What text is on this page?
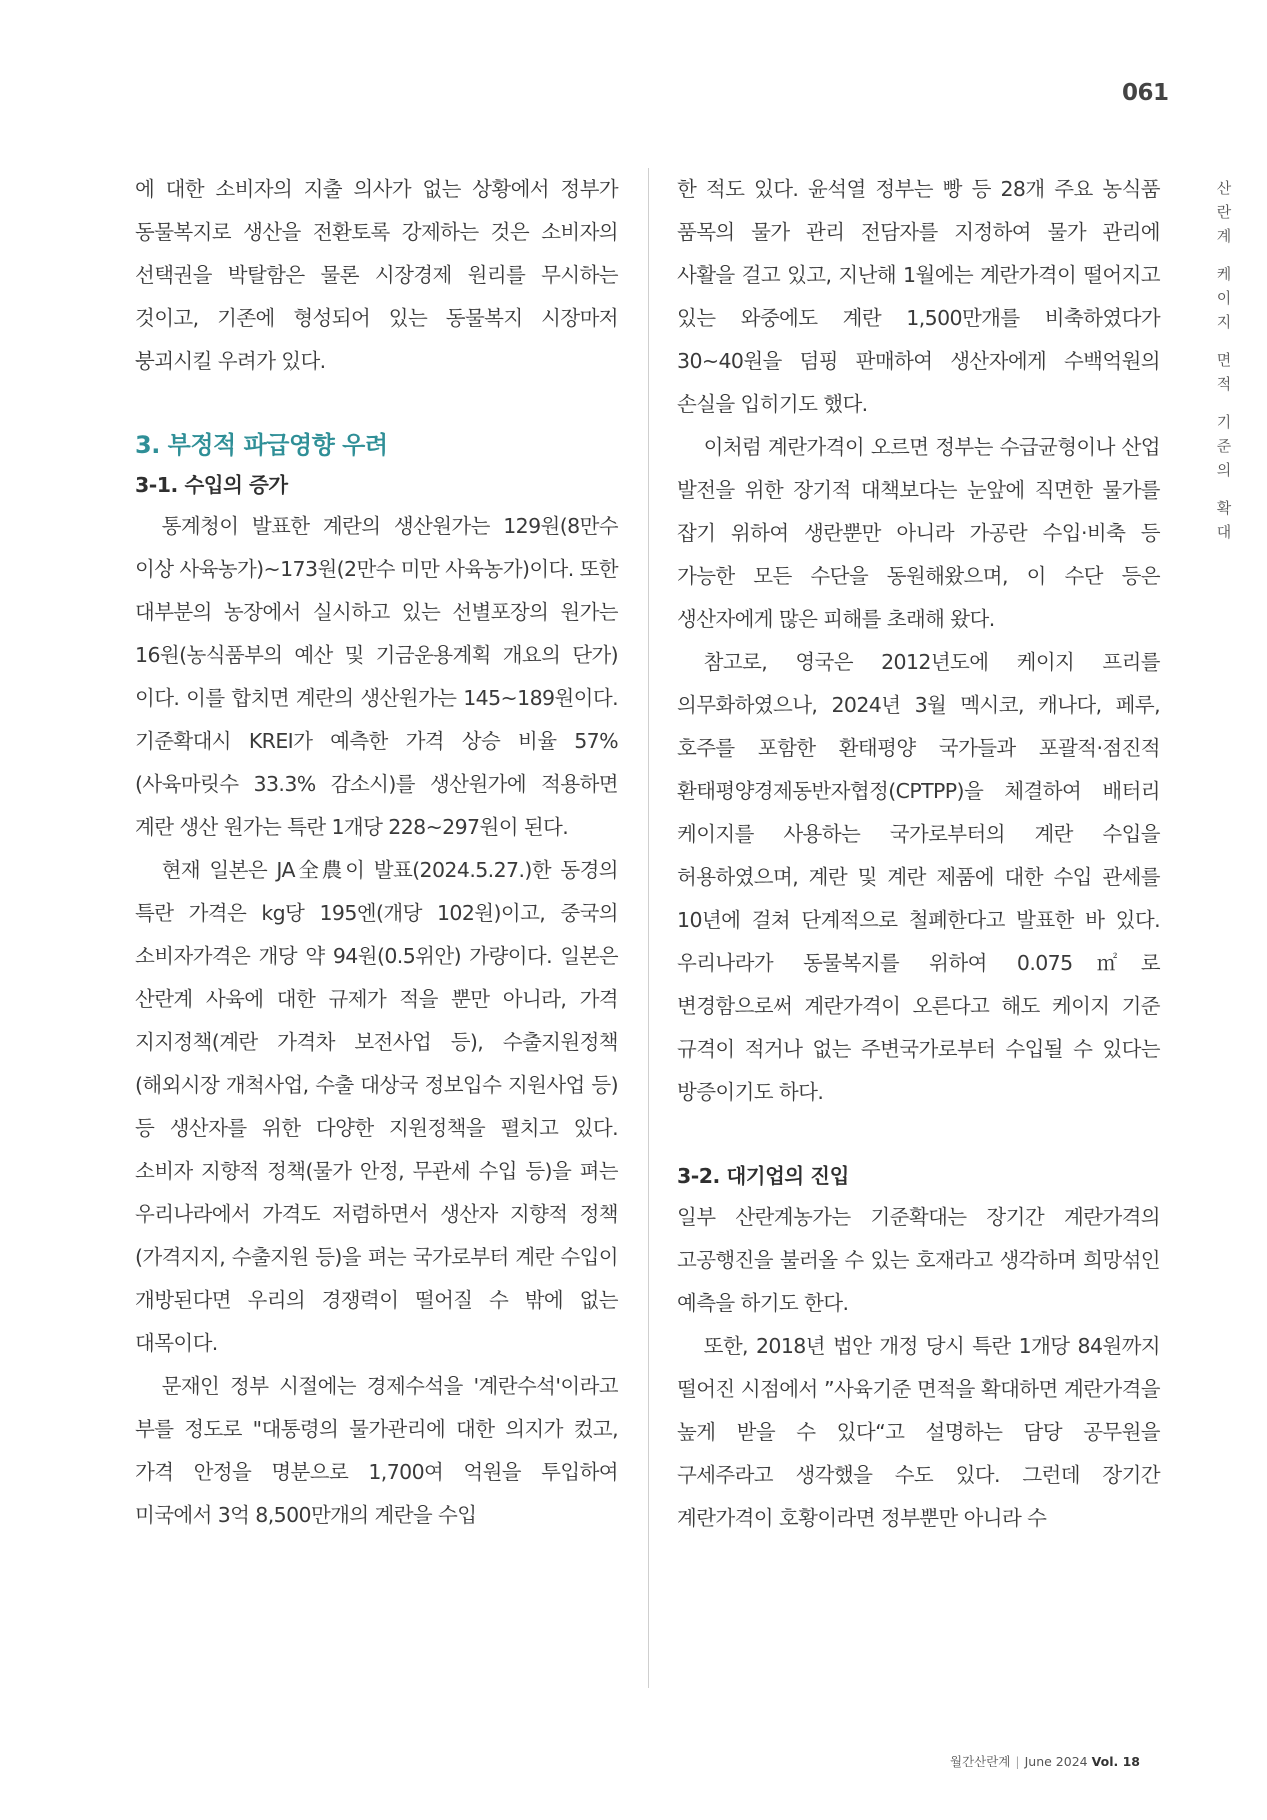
061
산
란
계
케
이
지
면
적
기
준
의
확
대

에 대한 소비자의 지출 의사가 없는 상황에서 정부가 동물복지로 생산을 전환토록 강제하는 것은 소비자의 선택권을 박탈함은 물론 시장경제 원리를 무시하는 것이고, 기존에 형성되어 있는 동물복지 시장마저 붕괴시킬 우려가 있다.

3. 부정적 파급영향 우려
3-1. 수입의 증가

통계청이 발표한 계란의 생산원가는 129원(8만수 이상 사육농가)~173원(2만수 미만 사육농가)이다. 또한 대부분의 농장에서 실시하고 있는 선별포장의 원가는 16원(농식품부의 예산 및 기금운용계획 개요의 단가)이다. 이를 합치면 계란의 생산원가는 145~189원이다. 기준확대시 KREI가 예측한 가격 상승 비율 57%(사육마릿수 33.3% 감소시)를 생산원가에 적용하면 계란 생산 원가는 특란 1개당 228~297원이 된다.

현재 일본은 JA全農이 발표(2024.5.27.)한 동경의 특란 가격은 kg당 195엔(개당 102원)이고, 중국의 소비자가격은 개당 약 94원(0.5위안) 가량이다. 일본은 산란계 사육에 대한 규제가 적을 뿐만 아니라, 가격 지지정책(계란 가격차 보전사업 등), 수출지원정책(해외시장 개척사업, 수출 대상국 정보입수 지원사업 등) 등 생산자를 위한 다양한 지원정책을 펼치고 있다. 소비자 지향적 정책(물가 안정, 무관세 수입 등)을 펴는 우리나라에서 가격도 저렴하면서 생산자 지향적 정책(가격지지, 수출지원 등)을 펴는 국가로부터 계란 수입이 개방된다면 우리의 경쟁력이 떨어질 수 밖에 없는 대목이다.

문재인 정부 시절에는 경제수석을 '계란수석'이라고 부를 정도로 "대통령의 물가관리에 대한 의지가 컸고, 가격 안정을 명분으로 1,700여 억원을 투입하여 미국에서 3억 8,500만개의 계란을 수입

한 적도 있다. 윤석열 정부는 빵 등 28개 주요 농식품 품목의 물가 관리 전담자를 지정하여 물가 관리에 사활을 걸고 있고, 지난해 1월에는 계란가격이 떨어지고 있는 와중에도 계란 1,500만개를 비축하였다가 30~40원을 덤핑 판매하여 생산자에게 수백억원의 손실을 입히기도 했다.

이처럼 계란가격이 오르면 정부는 수급균형이나 산업 발전을 위한 장기적 대책보다는 눈앞에 직면한 물가를 잡기 위하여 생란뿐만 아니라 가공란 수입·비축 등 가능한 모든 수단을 동원해왔으며, 이 수단 등은 생산자에게 많은 피해를 초래해 왔다.

참고로, 영국은 2012년도에 케이지 프리를 의무화하였으나, 2024년 3월 멕시코, 캐나다, 페루, 호주를 포함한 환태평양 국가들과 포괄적·점진적 환태평양경제동반자협정(CPTPP)을 체결하여 배터리 케이지를 사용하는 국가로부터의 계란 수입을 허용하였으며, 계란 및 계란 제품에 대한 수입 관세를 10년에 걸쳐 단계적으로 철폐한다고 발표한 바 있다. 우리나라가 동물복지를 위하여 0.075㎡로 변경함으로써 계란가격이 오른다고 해도 케이지 기준 규격이 적거나 없는 주변국가로부터 수입될 수 있다는 방증이기도 하다.

3-2. 대기업의 진입

일부 산란계농가는 기준확대는 장기간 계란가격의 고공행진을 불러올 수 있는 호재라고 생각하며 희망섞인 예측을 하기도 한다.

또한, 2018년 법안 개정 당시 특란 1개당 84원까지 떨어진 시점에서 ”사육기준 면적을 확대하면 계란가격을 높게 받을 수 있다“고 설명하는 담당 공무원을 구세주라고 생각했을 수도 있다. 그런데 장기간 계란가격이 호황이라면 정부뿐만 아니라 수

월간산란계 | June 2024 Vol. 18
